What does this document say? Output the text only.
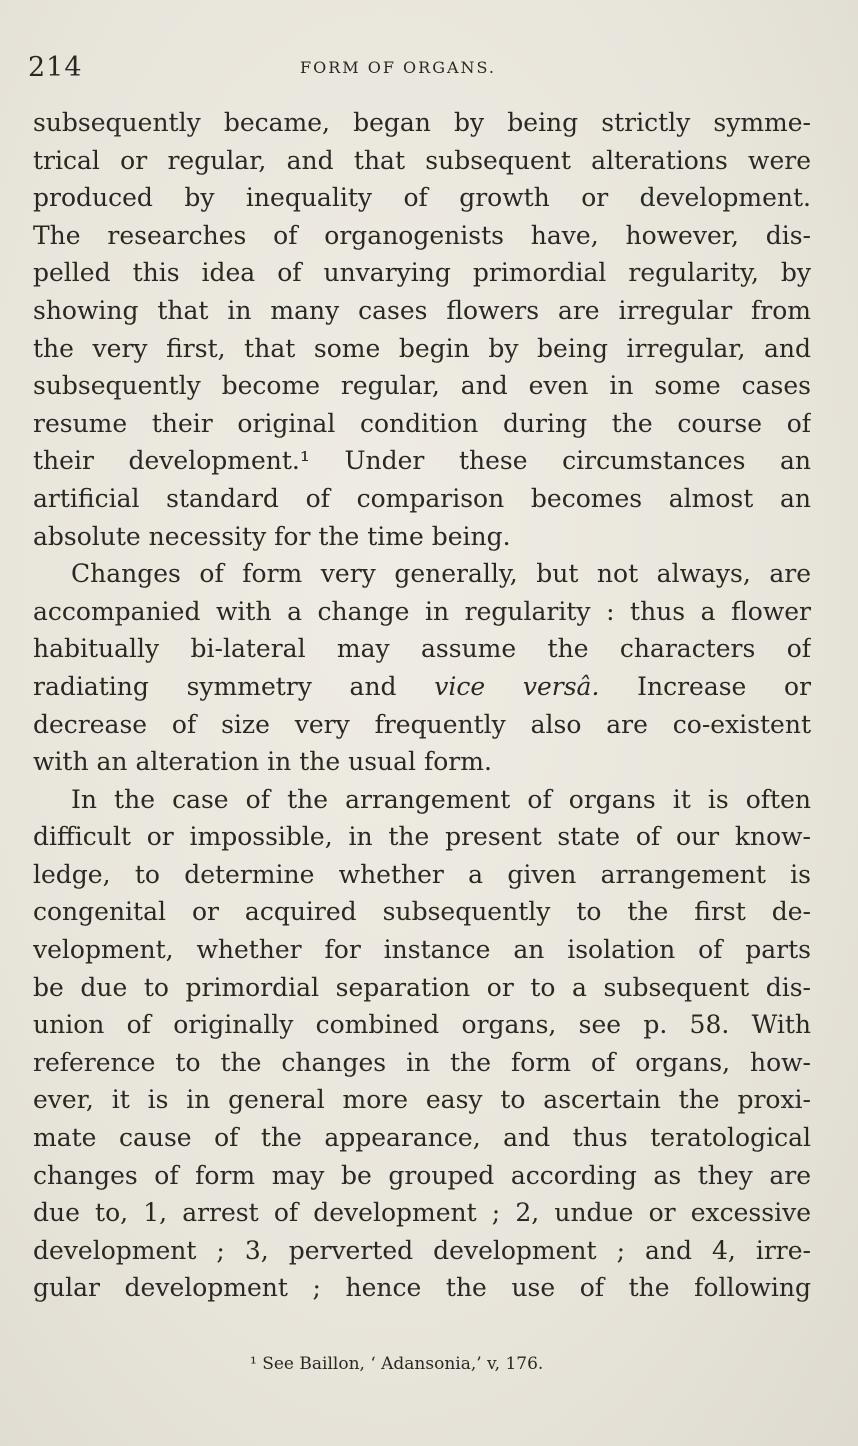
214	FORM OF ORGANS.
subsequently became, began by being strictly symme-
trical or regular, and that subsequent alterations were
produced by inequality of growth or development.
The researches of organogenists have, however, dis-
pelled this idea of unvarying primordial regularity, by
showing that in many cases flowers are irregular from
the very first, that some begin by being irregular, and
subsequently become regular, and even in some cases
resume their original condition during the course of
their development.¹ Under these circumstances an
artificial standard of comparison becomes almost an
absolute necessity for the time being.
Changes of form very generally, but not always, are
accompanied with a change in regularity : thus a flower
habitually bi-lateral may assume the characters of
radiating symmetry and vice versâ. Increase or
decrease of size very frequently also are co-existent
with an alteration in the usual form.
In the case of the arrangement of organs it is often
difficult or impossible, in the present state of our know-
ledge, to determine whether a given arrangement is
congenital or acquired subsequently to the first de-
velopment, whether for instance an isolation of parts
be due to primordial separation or to a subsequent dis-
union of originally combined organs, see p. 58. With
reference to the changes in the form of organs, how-
ever, it is in general more easy to ascertain the proxi-
mate cause of the appearance, and thus teratological
changes of form may be grouped according as they are
due to, 1, arrest of development ; 2, undue or excessive
development ; 3, perverted development ; and 4, irre-
gular development ; hence the use of the following
¹ See Baillon, ‘ Adansonia,’ v, 176.
